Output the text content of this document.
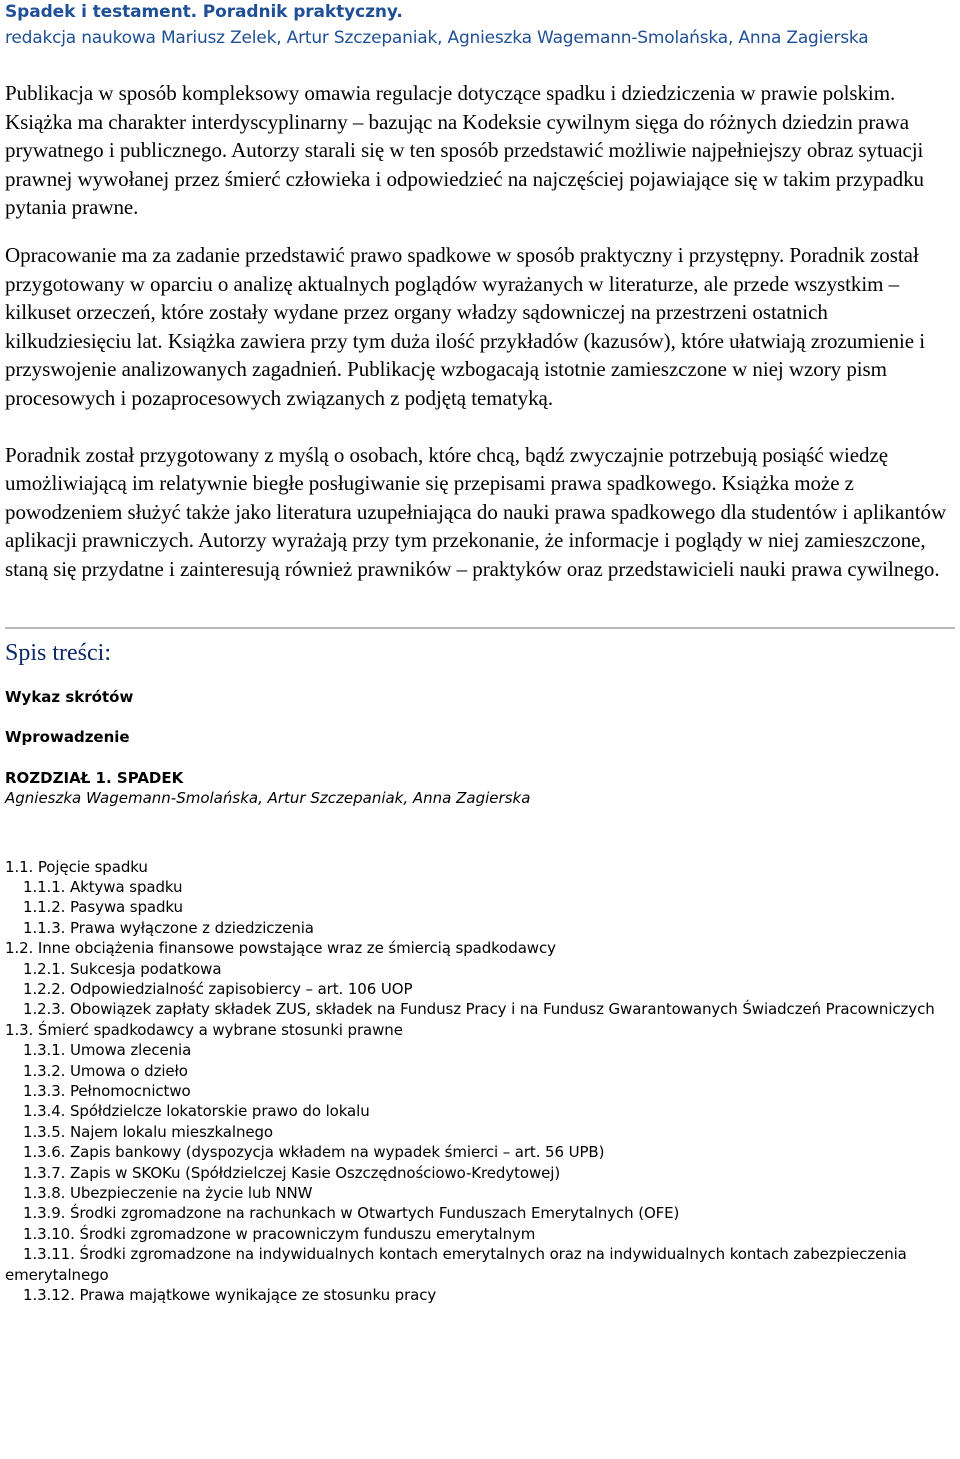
Spadek i testament. Poradnik praktyczny.

redakcja naukowa Mariusz Zelek, Artur Szczepaniak, Agnieszka Wagemann-Smolańska, Anna Zagierska

Publikacja w sposób kompleksowy omawia regulacje dotyczące spadku i dziedziczenia w prawie polskim. Książka ma charakter interdyscyplinarny – bazując na Kodeksie cywilnym sięga do różnych dziedzin prawa prywatnego i publicznego. Autorzy starali się w ten sposób przedstawić możliwie najpełniejszy obraz sytuacji prawnej wywołanej przez śmierć człowieka i odpowiedzieć na najczęściej pojawiające się w takim przypadku pytania prawne.

Opracowanie ma za zadanie przedstawić prawo spadkowe w sposób praktyczny i przystępny. Poradnik został przygotowany w oparciu o analizę aktualnych poglądów wyrażanych w literaturze, ale przede wszystkim – kilkuset orzeczeń, które zostały wydane przez organy władzy sądowniczej na przestrzeni ostatnich kilkudziesięciu lat. Książka zawiera przy tym duża ilość przykładów (kazusów), które ułatwiają zrozumienie i przyswojenie analizowanych zagadnień. Publikację wzbogacają istotnie zamieszczone w niej wzory pism procesowych i pozaprocesowych związanych z podjętą tematyką.

Poradnik został przygotowany z myślą o osobach, które chcą, bądź zwyczajnie potrzebują posiąść wiedzę umożliwiającą im relatywnie biegłe posługiwanie się przepisami prawa spadkowego. Książka może z powodzeniem służyć także jako literatura uzupełniająca do nauki prawa spadkowego dla studentów i aplikantów aplikacji prawniczych. Autorzy wyrażają przy tym przekonanie, że informacje i poglądy w niej zamieszczone, staną się przydatne i zainteresują również prawników – praktyków oraz przedstawicieli nauki prawa cywilnego.

Spis treści:

Wykaz skrótów

Wprowadzenie

ROZDZIAŁ 1. SPADEK

Agnieszka Wagemann-Smolańska, Artur Szczepaniak, Anna Zagierska

1.1. Pojęcie spadku
1.1.1. Aktywa spadku
1.1.2. Pasywa spadku
1.1.3. Prawa wyłączone z dziedziczenia
1.2. Inne obciążenia finansowe powstające wraz ze śmiercią spadkodawcy
1.2.1. Sukcesja podatkowa
1.2.2. Odpowiedzialność zapisobiercy – art. 106 UOP
1.2.3. Obowiązek zapłaty składek ZUS, składek na Fundusz Pracy i na Fundusz Gwarantowanych Świadczeń Pracowniczych
1.3. Śmierć spadkodawcy a wybrane stosunki prawne
1.3.1. Umowa zlecenia
1.3.2. Umowa o dzieło
1.3.3. Pełnomocnictwo
1.3.4. Spółdzielcze lokatorskie prawo do lokalu
1.3.5. Najem lokalu mieszkalnego
1.3.6. Zapis bankowy (dyspozycja wkładem na wypadek śmierci – art. 56 UPB)
1.3.7. Zapis w SKOKu (Spółdzielczej Kasie Oszczędnościowo-Kredytowej)
1.3.8. Ubezpieczenie na życie lub NNW
1.3.9. Środki zgromadzone na rachunkach w Otwartych Funduszach Emerytalnych (OFE)
1.3.10. Środki zgromadzone w pracowniczym funduszu emerytalnym
1.3.11. Środki zgromadzone na indywidualnych kontach emerytalnych oraz na indywidualnych kontach zabezpieczenia emerytalnego
1.3.12. Prawa majątkowe wynikające ze stosunku pracy
